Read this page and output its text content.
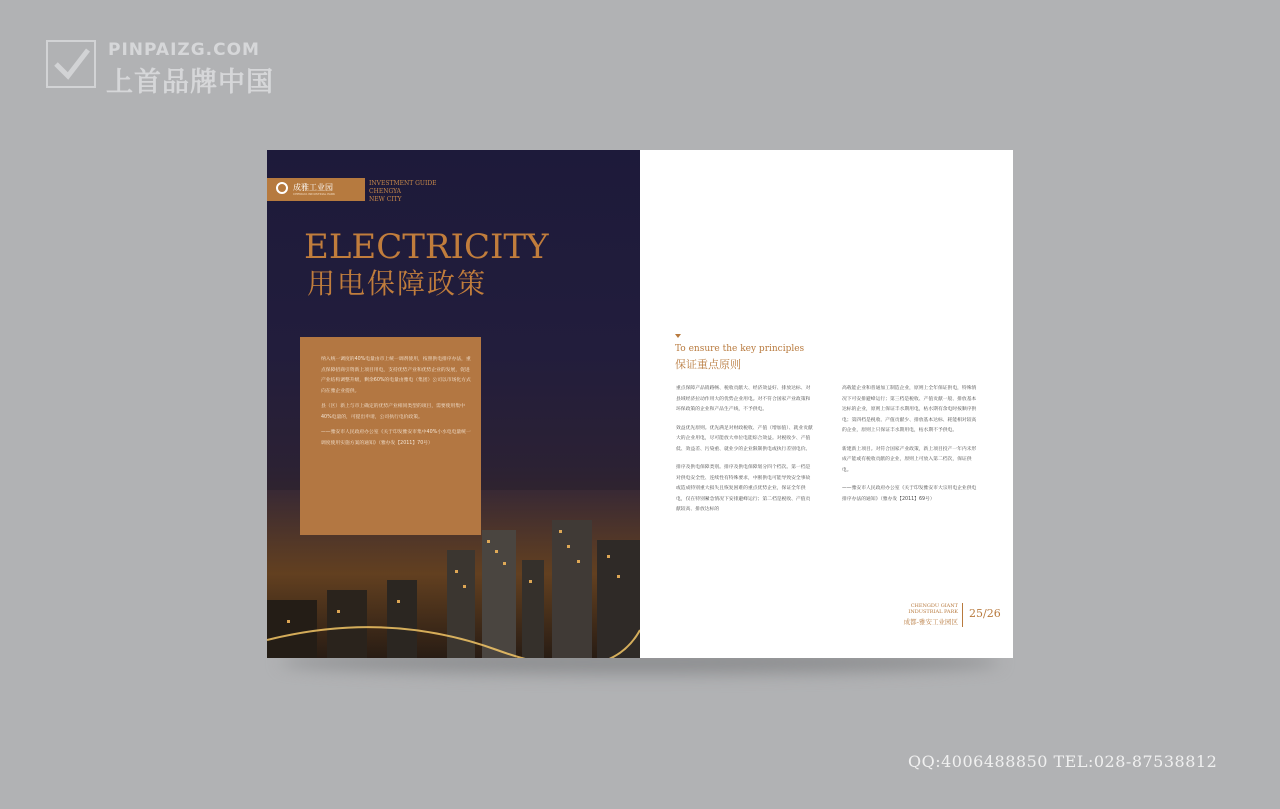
PINPAIZG.COM
上首品牌中国
成雅工业园
CHENGYA INDUSTRIAL PARK
INVESTMENT GUIDE
CHENGYA
NEW CITY
ELECTRICITY
用电保障政策

纳入统一调度的40%电量由市上统一调剂使用，按照供电排序办法，重点保障招商引资新上项目用电，支持优势产业和优势企业的发展，促进产业结构调整升级，剩余60%的电量由雅电（集团）公司以市场化方式向在雅企业提供。

县（区）新上与市上确定的优势产业相同类型的项目，需要使用集中40%电量的，可提出申请，公司执行电价政策。

——雅安市人民政府办公室《关于印发雅安市集中40%小水电电量统一调度使用实施方案的通知》（雅办发【2011】70号）

To ensure the key principles
保证重点原则

重点保障产品销路畅、税收贡献大、经济效益好、排放达标、对县域经济拉动作用大的优势企业用电。对不符合国家产业政策和环保政策的企业和产品生产线，不予供电。

效益优先原则。优先满足对财政税收、产值（增加值）、就业贡献大的企业用电，尽可能放大单位电能综合效益。对税收少、产值低、效益差、污染重、就业少的企业限制供电或执行差别电价。

排序及供电保障类别。排序及供电保障划分四个档次。第一档是对供电安全性、连续性有特殊要求，中断供电可能导致安全事故或造成特别重大损失且恢复困难的重点优势企业，保证全年供电，仅在特别紧急情况下安排避峰运行；第二档是税收、产值贡献较高、排放达标的

高载能企业和普通加工制造企业，原则上全年保证供电，特殊情况下可安排避峰运行；第三档是税收、产值贡献一般、排放基本达标的企业，原则上保证丰水期用电，枯水期有余电时按顺序供电；第四档是税收、产值贡献少、排放基本达标、耗能相对较高的企业，原则上只保证丰水期用电，枯水期不予供电。

新建新上项目。对符合国家产业政策，新上项目投产一年内未形成产能或有税收贡献的企业，原则上可放入第二档次，保证供电。

——雅安市人民政府办公室《关于印发雅安市大宗用电企业供电排序办法的通知》（雅办发【2011】69号）

CHENGDU GIANT
INDUSTRIAL PARK
成都-雅安工业园区
25/26
QQ:4006488850 TEL:028-87538812
